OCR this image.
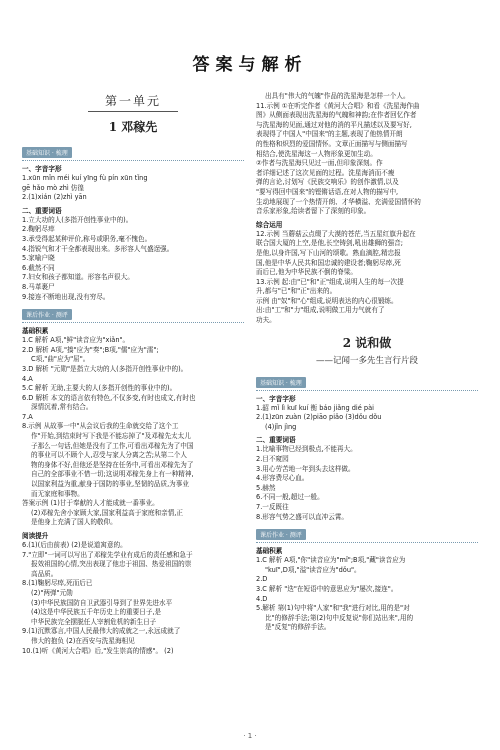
答案与解析
第一单元
1 邓稼先
基础知识 · 梳理
一、字音字形
1.xūn mǐn méi kuí yīng fù pín xūn tǐng
gē hǎo mò zhì 仿徨
2.(1)xián (2)zhì yān
二、重要词语
1.立大功的人(多指开创性事业中的)。
2.鞠躬尽瘁
3.承受得起某种评价,称号或职务,毫不愧色。
4.指锐气和才干全都表现出来。多形容人气盛逞强。
5.家喻户晓
6.截然不同
7.妇女和孩子都知道。形容名声很大。
8.马革裹尸
9.接连不断地出现,没有穷尽。
课后作业 · 测评
基础积累
1.C 解析 A项,"鲜"读音应为"xiǎn"。
2.D 解析 A项,"揍"应为"奏";B项,"儒"应为"濡";
C项,"曲"应为"屈"。
3.D 解析 "元勋"是指立大功的人(多指开创性事业中的)。
4.A
5.C 解析 无助,主要大的人(多指开创性的事业中的)。
6.D 解析 本文的语言依有特色,不仅多变,有时也成文,有时也
深情沉着,常有结合。
7.A
8.示例 从故事一中"从会议后我的生命就交给了这个工
作"开始,到结束时写下我是不能忘掉了"及邓稼先太太儿
子那么一句话,但她是没有了工作,可看出邓稼先为了中国
的事业可以不顾个人,忍受与家人分离之苦;从第二个人
物的身体不好,但他还是坚持在任务中,可看出邓稼先为了
自己的全部事业不惜一切;这说明邓稼先身上有一种精神,
以国家利益为重,献身于国防的事业,坚韧的品质,为事业
而无家庭和事物。
答案示例 (1)甘于奉献的人才能成就一番事业。
(2)邓稼先舍小家顾大家,国家利益高于家庭和亲情,正
是他身上充满了国人的敬仰。
阅读提升
6.(1)(后由前表) (2)是说道寓意的。
7."立即"一词可以写出了邓稼先学业有成后的责任感和急于
报效祖国的心情,突出表现了他忠于祖国、热爱祖国的崇
高品质。
8.(1)鞠躬尽瘁,死而后已
(2)"两弹"元勋
(3)中华民族国防自卫武器引导到了世界先进水平
(4)这是中华民族五千年历史上的重要日子,是
中华民族完全摆脱任人宰割危机的新生日子
9.(1)沉默寡言,中国人民最伟大的成就之一,永远成就了
伟大的抱负 (2)在西安与洗星海相见
10.(1)听《黄河大合唱》后,"发生崇高的情感"。 (2)
出具有"伟大的气魄"作品的洗星海是怎样一个人。
11.示例 ①在听完作者《黄河大合唱》和看《洗星海作曲
图》从侧面表现出洗星海的气魄和神韵;在作者回忆作者
与洗星海的见面,通过对他的消的平凡描述以及要写好,
表现得了中国人"中国来"的主题,表现了他热情开朗
的性格和炽烈的爱国情怀。文章正面描写与侧面描写
相结合,使洗星海这一人物形象更加生动。
②作者与洗星海只见过一面,但印象深刻。作
者详细记述了这次见面的过程。洗星海消而不瘦
弹的言论,讨划写《民族交响乐》的创作激情,以及
"要写得回中国来"的铿锵话语,在对人物的描写中,
生动地展现了一个热情开朗、才华横溢、充满爱国情怀的
音乐家形象,给读者留下了深刻的印象。
综合运用
12.示例 当蘑菇云点缀了大漠的苍茫,当五星红旗升起在
联合国大厦的上空,是他,长空铸剑,吼出雄狮的强音;
是他,以身许国,写下山河的颂歌。熟血滴腔,精忠报
国,他是中华人民共和国忠诚的建设者;鞠躬尽瘁,死
而后已,他为中华民族不倒的脊梁。
13.示例 起:由"已"和"正"组成,说明人生的每一次提
升,都与"已"和"正"出来的。
示例 由"奴"和"心"组成,说明表达的内心很锻练。
出:由"工"和"力"组成,说明做工用力气就有了
功夫。
2 说和做
——记闻一多先生言行片段
基础知识 · 梳理
一、字音字形
1.韶 mǐ lì kuī kuí 衡 báo jiǎng dié pài
2.(1)zūn zuàn (2)piāo piǎo (3)dǒu dǒu
(4)jǐn jìng
二、重要词语
1.比喻事物已经到极点,不能再大。
2.目不窥园
3.用心劳苦地一年到头去这样做。
4.形容费尽心血。
5.赫然
6.不同一般,超过一般。
7.一反既往
8.形容气势之盛可以直冲云霄。
课后作业 · 测评
基础积累
1.C 解析 A项,"你"读音应为"mǐ";B项,"藏"读音应为
"kuī",D项,"溢"读音应为"dǒu"。
2.D
3.C 解析 "迭"在短语中的意思应为"屡次,接连"。
4.D
5.解析 第(1)句中将"人家"和"我"进行对比,用的是"对
比"的修辞手法;第(2)句中反复说"你们站出来",用的
是"反复"的修辞手法。
· 1 ·
